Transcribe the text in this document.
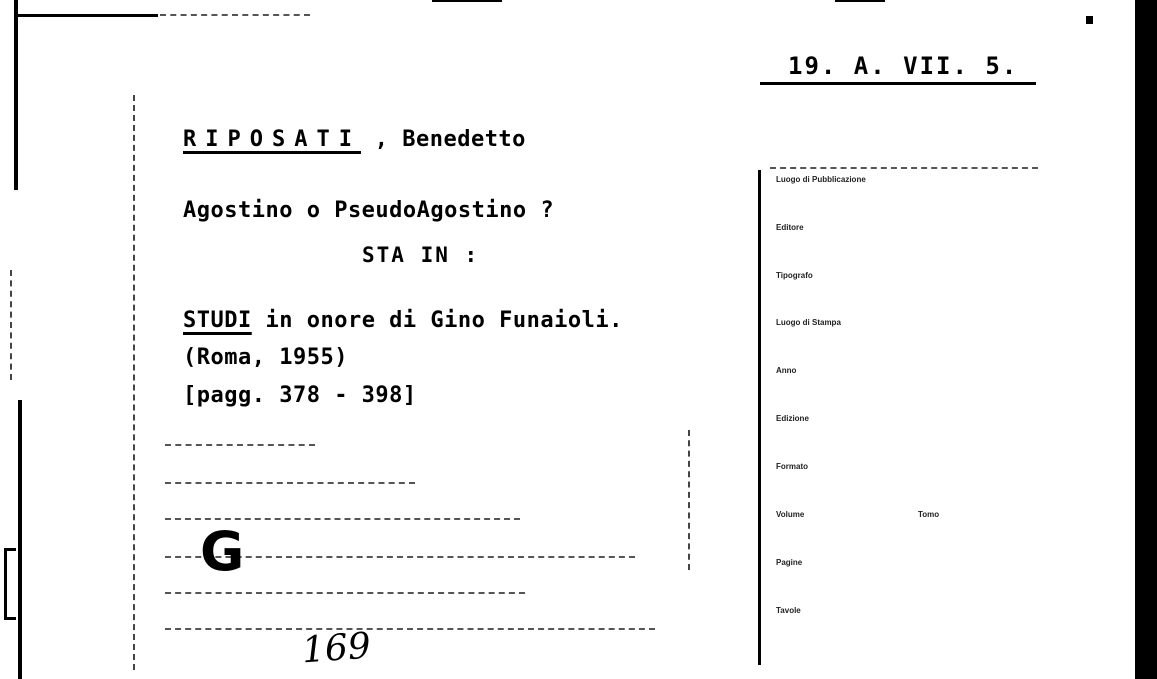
19. A. VII. 5.
RIPOSATI , Benedetto
Agostino o PseudoAgostino ?
STA IN :
STUDI in onore di Gino Funaioli.
(Roma, 1955)
[pagg. 378 - 398]
G
169
Luogo di Pubblicazione
Editore
Tipografo
Luogo di Stampa
Anno
Edizione
Formato
Volume	Tomo
Pagine
Tavole
